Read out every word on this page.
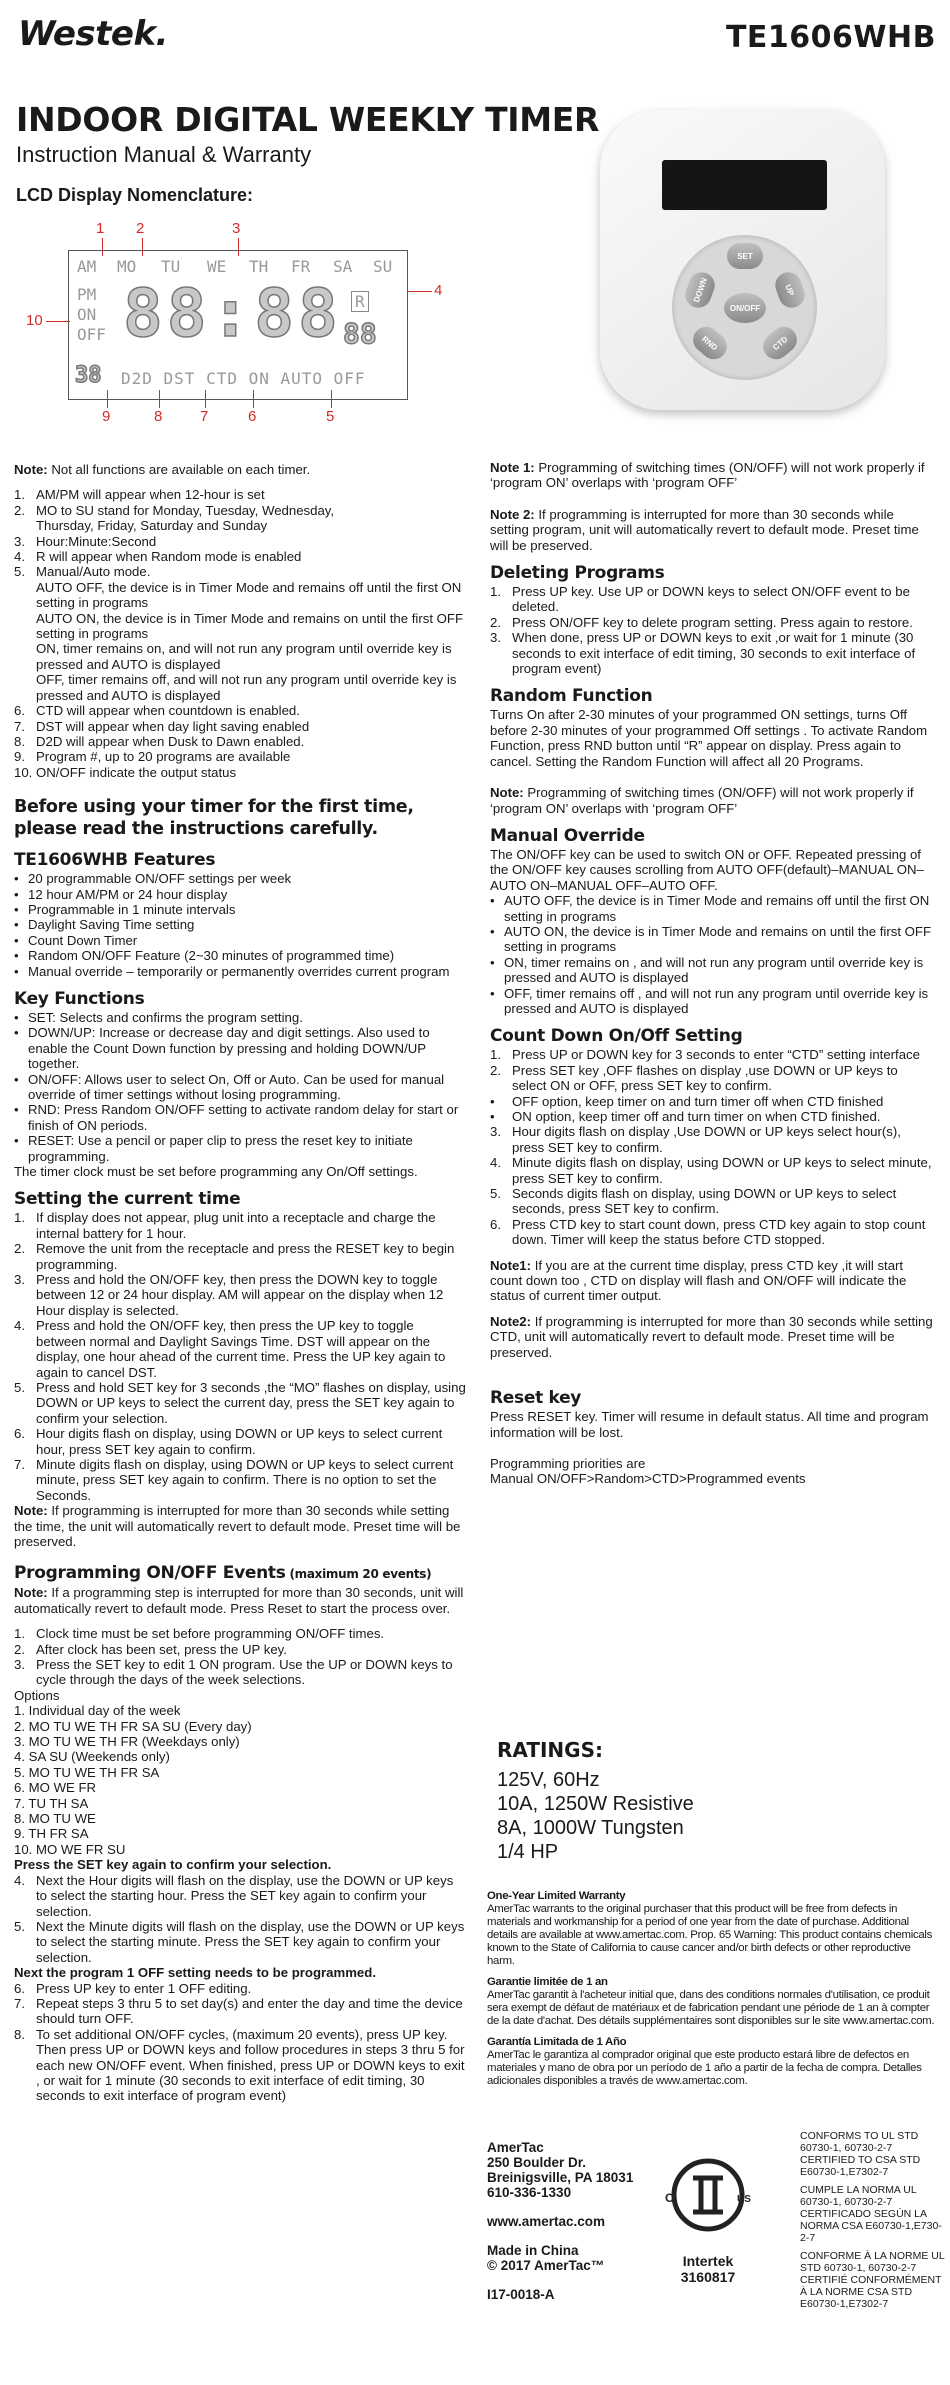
Westek.	TE1606WHB
INDOOR DIGITAL WEEKLY TIMER
Instruction Manual & Warranty
LCD Display Nomenclature:
SET
UP
DOWN
RND	CTD
ON/OFF
1 2	3
AM MO TU WE TH FR SA SU
PM
ON
OFF 88:88 R
88
38 D2D DST CTD ON AUTO OFF
4
10
9	8	7	6	5

Note: Not all functions are available on each timer.

1. AM/PM will appear when 12-hour is set
2. MO to SU stand for Monday, Tuesday, Wednesday,
Thursday, Friday, Saturday and Sunday
3. Hour:Minute:Second
4. R will appear when Random mode is enabled
5. Manual/Auto mode.
AUTO OFF, the device is in Timer Mode and remains off until the first ON setting in programs
AUTO ON, the device is in Timer Mode and remains on until the first OFF setting in programs
ON, timer remains on, and will not run any program until override key is pressed and AUTO is displayed
OFF, timer remains off, and will not run any program until override key is pressed and AUTO is displayed
6. CTD will appear when countdown is enabled.
7. DST will appear when day light saving enabled
8. D2D will appear when Dusk to Dawn enabled.
9. Program #, up to 20 programs are available
10. ON/OFF indicate the output status
Before using your timer for the first time, please read the instructions carefully.
TE1606WHB Features
• 20 programmable ON/OFF settings per week
• 12 hour AM/PM or 24 hour display
• Programmable in 1 minute intervals
• Daylight Saving Time setting
• Count Down Timer
• Random ON/OFF Feature (2~30 minutes of programmed time)
• Manual override – temporarily or permanently overrides current program
Key Functions
• SET: Selects and confirms the program setting.
• DOWN/UP: Increase or decrease day and digit settings. Also used to enable the Count Down function by pressing and holding DOWN/UP together.
• ON/OFF: Allows user to select On, Off or Auto. Can be used for manual override of timer settings without losing programming.
• RND: Press Random ON/OFF setting to activate random delay for start or finish of ON periods.
• RESET: Use a pencil or paper clip to press the reset key to initiate programming.

The timer clock must be set before programming any On/Off settings.

Setting the current time
1. If display does not appear, plug unit into a receptacle and charge the internal battery for 1 hour.
2. Remove the unit from the receptacle and press the RESET key to begin programming.
3. Press and hold the ON/OFF key, then press the DOWN key to toggle between 12 or 24 hour display. AM will appear on the display when 12 Hour display is selected.
4. Press and hold the ON/OFF key, then press the UP key to toggle between normal and Daylight Savings Time. DST will appear on the display, one hour ahead of the current time. Press the UP key again to again to cancel DST.
5. Press and hold SET key for 3 seconds ,the “MO” flashes on display, using DOWN or UP keys to select the current day, press the SET key again to confirm your selection.
6. Hour digits flash on display, using DOWN or UP keys to select current hour, press SET key again to confirm.
7. Minute digits flash on display, using DOWN or UP keys to select current minute, press SET key again to confirm. There is no option to set the Seconds.

Note: If programming is interrupted for more than 30 seconds while setting the time, the unit will automatically revert to default mode. Preset time will be preserved.

Programming ON/OFF Events (maximum 20 events)

Note: If a programming step is interrupted for more than 30 seconds, unit will automatically revert to default mode. Press Reset to start the process over.

1. Clock time must be set before programming ON/OFF times.
2. After clock has been set, press the UP key.
3. Press the SET key to edit 1 ON program. Use the UP or DOWN keys to cycle through the days of the week selections.

Options

1. Individual day of the week

2. MO TU WE TH FR SA SU (Every day)

3. MO TU WE TH FR (Weekdays only)

4. SA SU (Weekends only)

5. MO TU WE TH FR SA

6. MO WE FR

7. TU TH SA

8. MO TU WE

9. TH FR SA

10. MO WE FR SU

Press the SET key again to confirm your selection.

4. Next the Hour digits will flash on the display, use the DOWN or UP keys to select the starting hour. Press the SET key again to confirm your selection.
5. Next the Minute digits will flash on the display, use the DOWN or UP keys to select the starting minute. Press the SET key again to confirm your selection.

Next the program 1 OFF setting needs to be programmed.

6. Press UP key to enter 1 OFF editing.
7. Repeat steps 3 thru 5 to set day(s) and enter the day and time the device should turn OFF.
8. To set additional ON/OFF cycles, (maximum 20 events), press UP key. Then press UP or DOWN keys and follow procedures in steps 3 thru 5 for each new ON/OFF event. When finished, press UP or DOWN keys to exit , or wait for 1 minute (30 seconds to exit interface of edit timing, 30 seconds to exit interface of program event)

Note 1: Programming of switching times (ON/OFF) will not work properly if ‘program ON’ overlaps with ‘program OFF’

Note 2: If programming is interrupted for more than 30 seconds while setting program, unit will automatically revert to default mode. Preset time will be preserved.

Deleting Programs
1. Press UP key. Use UP or DOWN keys to select ON/OFF event to be deleted.
2. Press ON/OFF key to delete program setting. Press again to restore.
3. When done, press UP or DOWN keys to exit ,or wait for 1 minute (30 seconds to exit interface of edit timing, 30 seconds to exit interface of program event)
Random Function

Turns On after 2-30 minutes of your programmed ON settings, turns Off before 2-30 minutes of your programmed Off settings . To activate Random Function, press RND button until “R” appear on display. Press again to cancel. Setting the Random Function will affect all 20 Programs.

Note: Programming of switching times (ON/OFF) will not work properly if ‘program ON’ overlaps with ‘program OFF’

Manual Override

The ON/OFF key can be used to switch ON or OFF. Repeated pressing of the ON/OFF key causes scrolling from AUTO OFF(default)–MANUAL ON–AUTO ON–MANUAL OFF–AUTO OFF.

• AUTO OFF, the device is in Timer Mode and remains off until the first ON setting in programs
• AUTO ON, the device is in Timer Mode and remains on until the first OFF setting in programs
• ON, timer remains on , and will not run any program until override key is pressed and AUTO is displayed
• OFF, timer remains off , and will not run any program until override key is pressed and AUTO is displayed
Count Down On/Off Setting
1. Press UP or DOWN key for 3 seconds to enter “CTD” setting interface
2. Press SET key ,OFF flashes on display ,use DOWN or UP keys to select ON or OFF, press SET key to confirm.
•	OFF option, keep timer on and turn timer off when CTD finished
•	ON option, keep timer off and turn timer on when CTD finished.
3. Hour digits flash on display ,Use DOWN or UP keys select hour(s), press SET key to confirm.
4. Minute digits flash on display, using DOWN or UP keys to select minute, press SET key to confirm.
5. Seconds digits flash on display, using DOWN or UP keys to select seconds, press SET key to confirm.
6. Press CTD key to start count down, press CTD key again to stop count down. Timer will keep the status before CTD stopped.

Note1: If you are at the current time display, press CTD key ,it will start count down too , CTD on display will flash and ON/OFF will indicate the status of current timer output.

Note2: If programming is interrupted for more than 30 seconds while setting CTD, unit will automatically revert to default mode. Preset time will be preserved.

Reset key

Press RESET key. Timer will resume in default status. All time and program information will be lost.

Programming priorities are

Manual ON/OFF>Random>CTD>Programmed events

RATINGS:
125V, 60Hz
10A, 1250W Resistive
8A, 1000W Tungsten
1/4 HP
One-Year Limited Warranty
AmerTac warrants to the original purchaser that this product will be free from defects in materials and workmanship for a period of one year from the date of purchase. Additional details are available at www.amertac.com. Prop. 65 Warning: This product contains chemicals known to the State of California to cause cancer and/or birth defects or other reproductive harm.
Garantie limitée de 1 an
AmerTac garantit à l'acheteur initial que, dans des conditions normales d'utilisation, ce produit sera exempt de défaut de matériaux et de fabrication pendant une période de 1 an à compter de la date d'achat. Des détails supplémentaires sont disponibles sur le site www.amertac.com.
Garantía Limitada de 1 Año
AmerTac le garantiza al comprador original que este producto estará libre de defectos en materiales y mano de obra por un período de 1 año a partir de la fecha de compra. Detalles adicionales disponibles a través de www.amertac.com.
AmerTac
250 Boulder Dr.
Breinigsville, PA 18031
610-336-1330
www.amertac.com
Made in China
© 2017 AmerTac™
I17-0018-A
C	US
Intertek
3160817
CONFORMS TO UL STD 60730-1, 60730-2-7 CERTIFIED TO CSA STD E60730-1,E7302-7
CUMPLE LA NORMA UL 60730-1, 60730-2-7 CERTIFICADO SEGÚN LA NORMA CSA E60730-1,E730-2-7
CONFORME À LA NORME UL STD 60730-1, 60730-2-7 CERTIFIÉ CONFORMÉMENT À LA NORME CSA STD E60730-1,E7302-7
